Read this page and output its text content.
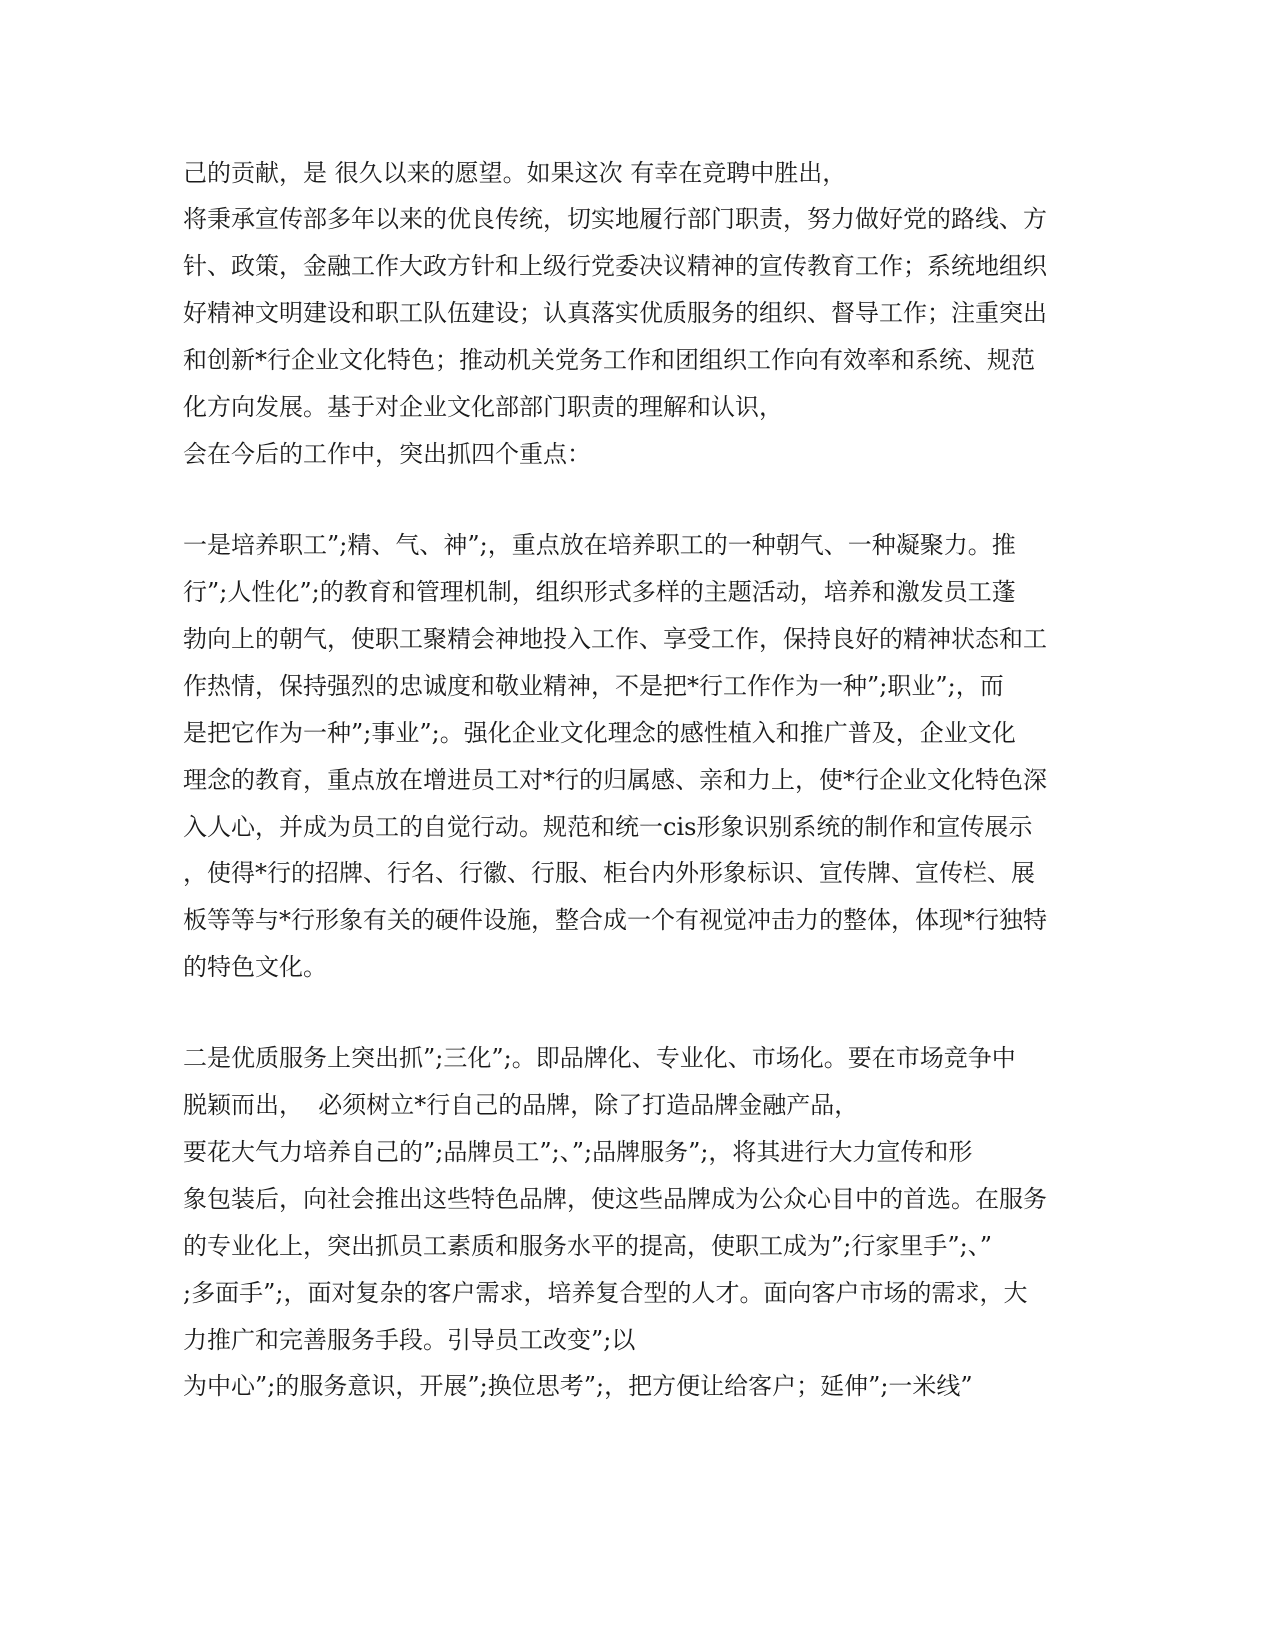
己的贡献，是 很久以来的愿望。如果这次 有幸在竞聘中胜出，
将秉承宣传部多年以来的优良传统，切实地履行部门职责，努力做好党的路线、方
针、政策，金融工作大政方针和上级行党委决议精神的宣传教育工作；系统地组织
好精神文明建设和职工队伍建设；认真落实优质服务的组织、督导工作；注重突出
和创新*行企业文化特色；推动机关党务工作和团组织工作向有效率和系统、规范
化方向发展。基于对企业文化部部门职责的理解和认识，
会在今后的工作中，突出抓四个重点：
一是培养职工”;精、气、神”;，重点放在培养职工的一种朝气、一种凝聚力。推
行”;人性化”;的教育和管理机制，组织形式多样的主题活动，培养和激发员工蓬
勃向上的朝气，使职工聚精会神地投入工作、享受工作，保持良好的精神状态和工
作热情，保持强烈的忠诚度和敬业精神，不是把*行工作作为一种”;职业”;，而
是把它作为一种”;事业”;。强化企业文化理念的感性植入和推广普及，企业文化
理念的教育，重点放在增进员工对*行的归属感、亲和力上，使*行企业文化特色深
入人心，并成为员工的自觉行动。规范和统一cis形象识别系统的制作和宣传展示
，使得*行的招牌、行名、行徽、行服、柜台内外形象标识、宣传牌、宣传栏、展
板等等与*行形象有关的硬件设施，整合成一个有视觉冲击力的整体，体现*行独特
的特色文化。
二是优质服务上突出抓”;三化”;。即品牌化、专业化、市场化。要在市场竞争中
脱颖而出，  必须树立*行自己的品牌，除了打造品牌金融产品，
要花大气力培养自己的”;品牌员工”;、”;品牌服务”;，将其进行大力宣传和形
象包装后，向社会推出这些特色品牌，使这些品牌成为公众心目中的首选。在服务
的专业化上，突出抓员工素质和服务水平的提高，使职工成为”;行家里手”;、”
;多面手”;，面对复杂的客户需求，培养复合型的人才。面向客户市场的需求，大
力推广和完善服务手段。引导员工改变”;以
为中心”;的服务意识，开展”;换位思考”;，把方便让给客户；延伸”;一米线”
